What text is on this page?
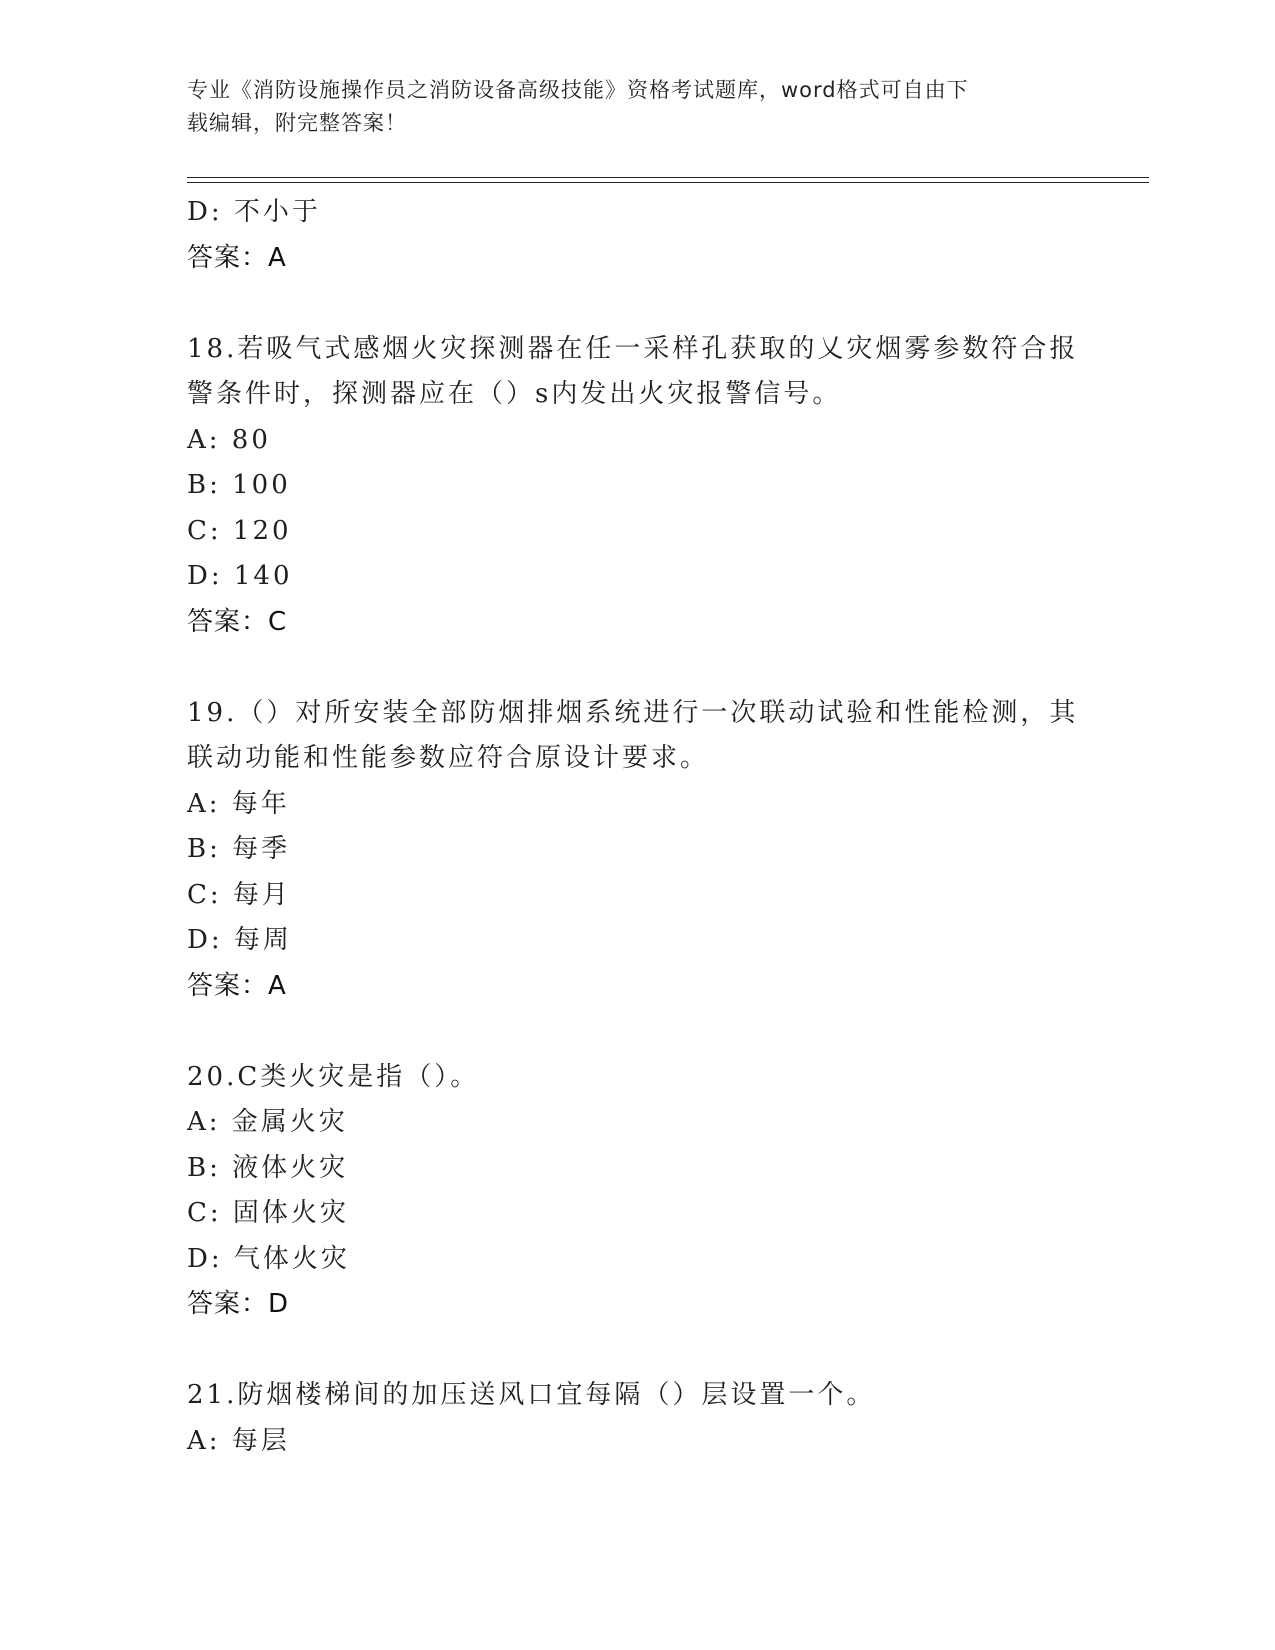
专业《消防设施操作员之消防设备高级技能》资格考试题库，word格式可自由下
载编辑，附完整答案！
D: 不小于
答案：A
18.若吸气式感烟火灾探测器在任一采样孔获取的乂灾烟雾参数符合报
警条件时，探测器应在（）s内发出火灾报警信号。
A: 80
B: 100
C: 120
D: 140
答案：C
19.（）对所安装全部防烟排烟系统进行一次联动试验和性能检测，其
联动功能和性能参数应符合原设计要求。
A: 每年
B: 每季
C: 每月
D: 每周
答案：A
20.C类火灾是指（）。
A: 金属火灾
B: 液体火灾
C: 固体火灾
D: 气体火灾
答案：D
21.防烟楼梯间的加压送风口宜每隔（）层设置一个。
A: 每层
